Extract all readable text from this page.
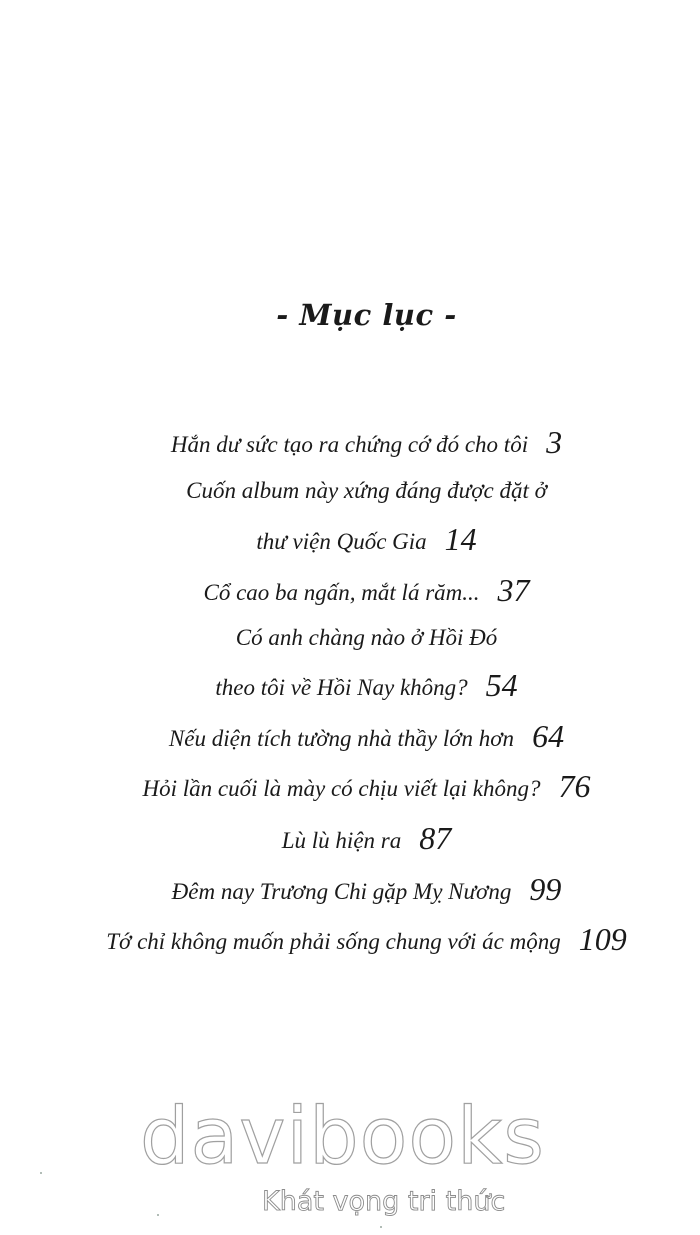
- Mục lục -
Hắn dư sức tạo ra chứng cớ đó cho tôi 3
Cuốn album này xứng đáng được đặt ở
thư viện Quốc Gia 14
Cổ cao ba ngấn, mắt lá răm... 37
Có anh chàng nào ở Hồi Đó
theo tôi về Hồi Nay không? 54
Nếu diện tích tường nhà thầy lớn hơn 64
Hỏi lần cuối là mày có chịu viết lại không? 76
Lù lù hiện ra 87
Đêm nay Trương Chi gặp Mỵ Nương 99
Tớ chỉ không muốn phải sống chung với ác mộng 109
davibooks
Khát vọng tri thức
